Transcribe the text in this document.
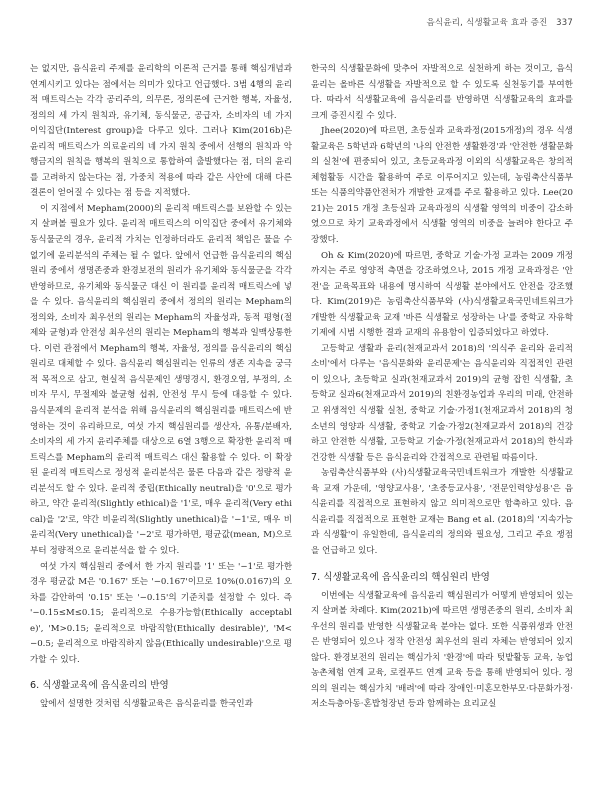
음식윤리, 식생활교육 효과 증진 337

는 없지만, 음식윤리 주제를 윤리학의 이론적 근거를 통해 핵심개념과 연계시키고 있다는 점에서는 의미가 있다고 언급했다. 3범 4행의 윤리적 매트릭스는 각각 공리주의, 의무론, 정의론에 근거한 행복, 자율성, 정의의 세 가지 원칙과, 유기체, 동식물군, 공급자, 소비자의 네 가지 이익집단(Interest group)을 다루고 있다. 그러나 Kim(2016b)은 윤리적 매트릭스가 의료윤리의 네 가지 원칙 중에서 선행의 원칙과 악행금지의 원칙을 행복의 원칙으로 통합하여 출발했다는 점, 더의 윤리를 고려하지 않는다는 점, 가중치 적용에 따라 같은 사안에 대해 다른 결론이 얻어질 수 있다는 점 등을 지적했다.

이 지점에서 Mepham(2000)의 윤리적 매트릭스를 보완할 수 있는지 살펴볼 필요가 있다. 윤리적 매트릭스의 이익집단 중에서 유기체와 동식물군의 경우, 윤리적 가치는 인정하더라도 윤리적 책임은 물을 수 없기에 윤리분석의 주체는 될 수 없다. 앞에서 언급한 음식윤리의 핵심원리 중에서 생명존중과 환경보전의 원리가 유기체와 동식물군을 각각 반영하므로, 유기체와 동식물군 대신 이 원리를 윤리적 매트릭스에 넣을 수 있다. 음식윤리의 핵심원리 중에서 정의의 원리는 Mepham의 정의와, 소비자 최우선의 원리는 Mepham의 자율성과, 동적 평형(절제와 균형)과 안전성 최우선의 원리는 Mepham의 행복과 일맥상통한다. 이런 관점에서 Mepham의 행복, 자율성, 정의를 음식윤리의 핵심원리로 대체할 수 있다. 음식윤리 핵심원리는 인류의 생존 지속을 궁극적 목적으로 삼고, 현실적 음식문제인 생명경시, 환경오염, 부정의, 소비자 무시, 무절제와 불균형 섭취, 안전성 무시 등에 대응할 수 있다. 음식문제의 윤리적 분석을 위해 음식윤리의 핵심원리를 매트릭스에 반영하는 것이 유리하므로, 여섯 가지 핵심원리를 생산자, 유통/분배자, 소비자의 세 가지 윤리주체를 대상으로 6열 3행으로 확장한 윤리적 매트릭스를 Mepham의 윤리적 매트릭스 대신 활용할 수 있다. 이 확장된 윤리적 매트릭스로 정성적 윤리분석은 물론 다음과 같은 정량적 윤리분석도 할 수 있다. 윤리적 중립(Ethically neutral)을 '0'으로 평가하고, 약간 윤리적(Slightly ethical)을 '1'로, 매우 윤리적(Very ethical)을 '2'로, 약간 비윤리적(Slightly unethical)을 '−1'로, 매우 비윤리적(Very unethical)을 '−2'로 평가하면, 평균값(mean, M)으로부터 정량적으로 윤리분석을 할 수 있다.

여섯 가지 핵심원리 중에서 한 가지 원리를 '1' 또는 '−1'로 평가한 경우 평균값 M은 '0.167' 또는 '−0.167'이므로 10%(0.0167)의 오차를 감안하여 '0.15' 또는 '−0.15'의 기준치를 설정할 수 있다. 즉 '−0.15≤M≤0.15; 윤리적으로 수용가능함(Ethically acceptable)', 'M>0.15; 윤리적으로 바람직함(Ethically desirable)', 'M<−0.5; 윤리적으로 바람직하지 않음(Ethically undesirable)'으로 평가할 수 있다.

6. 식생활교육에 음식윤리의 반영

앞에서 설명한 것처럼 식생활교육은 음식윤리를 한국인과

한국의 식생활문화에 맞추어 자발적으로 실천하게 하는 것이고, 음식윤리는 올바른 식생활을 자발적으로 할 수 있도록 실천동기를 부여한다. 따라서 식생활교육에 음식윤리를 반영하면 식생활교육의 효과를 크게 증진시킬 수 있다.

Jhee(2020)에 따르면, 초등실과 교육과정(2015개정)의 경우 식생활교육은 5학년과 6학년의 '나의 안전한 생활환경'과 '안전한 생활문화의 실천'에 편중되어 있고, 초등교육과정 이외의 식생활교육은 창의적 체험활동 시간을 활용하여 주로 이루어지고 있는데, 농림축산식품부 또는 식품의약품안전처가 개발한 교재를 주로 활용하고 있다. Lee(2021)는 2015 개정 초등실과 교육과정의 식생활 영역의 비중이 감소하였으므로 차기 교육과정에서 식생활 영역의 비중을 늘려야 한다고 주장했다.

Oh & Kim(2020)에 따르면, 중학교 기술·가정 교과는 2009 개정까지는 주로 영양적 측면을 강조하였으나, 2015 개정 교육과정은 '안전'을 교육목표와 내용에 명시하여 식생활 분야에서도 안전을 강조했다. Kim(2019)은 농림축산식품부와 (사)식생활교육국민네트워크가 개발한 식생활교육 교재 '바른 식생활로 성장하는 나'를 중학교 자유학기제에 시범 시행한 결과 교재의 유용함이 입증되었다고 하였다.

고등학교 생활과 윤리(천재교과서 2018)의 '의식주 윤리와 윤리적 소비'에서 다루는 '음식문화와 윤리문제'는 음식윤리와 직접적인 관련이 있으나, 초등학교 실과(천재교과서 2019)의 균형 잡힌 식생활, 초등학교 실과6(천재교과서 2019)의 친환경농업과 우리의 미래, 안전하고 위생적인 식생활 실천, 중학교 기술·가정1(천재교과서 2018)의 청소년의 영양과 식생활, 중학교 기술·가정2(천재교과서 2018)의 건강하고 안전한 식생활, 고등학교 기술·가정(천재교과서 2018)의 한식과 건강한 식생활 등은 음식윤리와 간접적으로 관련될 따름이다.

농림축산식품부와 (사)식생활교육국민네트워크가 개발한 식생활교육 교재 가운데, '영양교사용', '초중등교사용', '전문인력양성용'은 음식윤리를 직접적으로 표현하지 않고 의미적으로만 함축하고 있다. 음식윤리를 직접적으로 표현한 교재는 Bang et al. (2018)의 '지속가능과 식생활'이 유일한데, 음식윤리의 정의와 필요성, 그리고 주요 쟁점을 언급하고 있다.

7. 식생활교육에 음식윤리의 핵심원리 반영

이번에는 식생활교육에 음식윤리 핵심원리가 어떻게 반영되어 있는지 살펴볼 차례다. Kim(2021b)에 따르면 생명존중의 원리, 소비자 최우선의 원리를 반영한 식생활교육 분야는 없다. 또한 식품위생과 안전은 반영되어 있으나 정작 안전성 최우선의 원리 자체는 반영되어 있지 않다. 환경보전의 원리는 핵심가치 '환경'에 따라 텃밭활동 교육, 농업농촌체험 연계 교육, 로컬푸드 연계 교육 등을 통해 반영되어 있다. 정의의 원리는 핵심가치 '배려'에 따라 장애인·미혼모한부모·다문화가정·저소득층아동·혼밥청장년 등과 함께하는 요리교실
